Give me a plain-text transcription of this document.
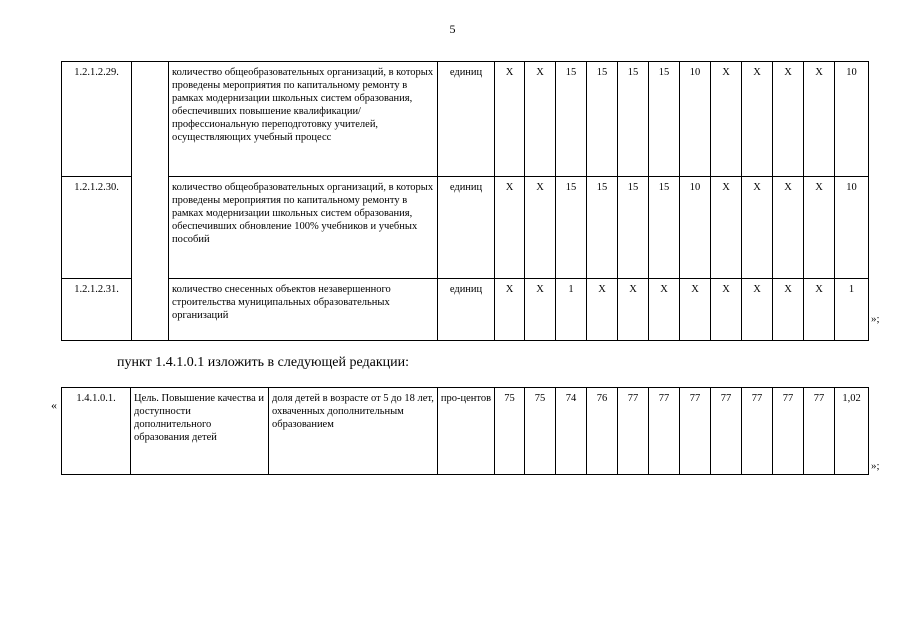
5
1.2.1.2.29.		количество общеобразовательных организаций, в которых проведены мероприятия по капитальному ремонту в рамках модернизации школьных систем образования, обеспечивших повышение квалификации/профессиональную переподготовку учителей, осуществляющих учебный процесс	единиц	X	X	15	15	15	15	10	X	X	X	X	10
1.2.1.2.30.		количество общеобразовательных организаций, в которых проведены мероприятия по капитальному ремонту в рамках модернизации школьных систем образования, обеспечивших обновление 100% учебников и учебных пособий	единиц	X	X	15	15	15	15	10	X	X	X	X	10
1.2.1.2.31.		количество снесенных объектов незавершенного строительства муниципальных образовательных организаций	единиц	X	X	1	X	X	X	X	X	X	X	X	1
»;
пункт 1.4.1.0.1 изложить в следующей редакции:
« 1.4.1.0.1.	Цель. Повышение качества и доступности дополнительного образования детей	доля детей в возрасте от 5 до 18 лет, охваченных дополнительным образованием	про-центов	75	75	74	76	77	77	77	77	77	77	77	1,02
»;
